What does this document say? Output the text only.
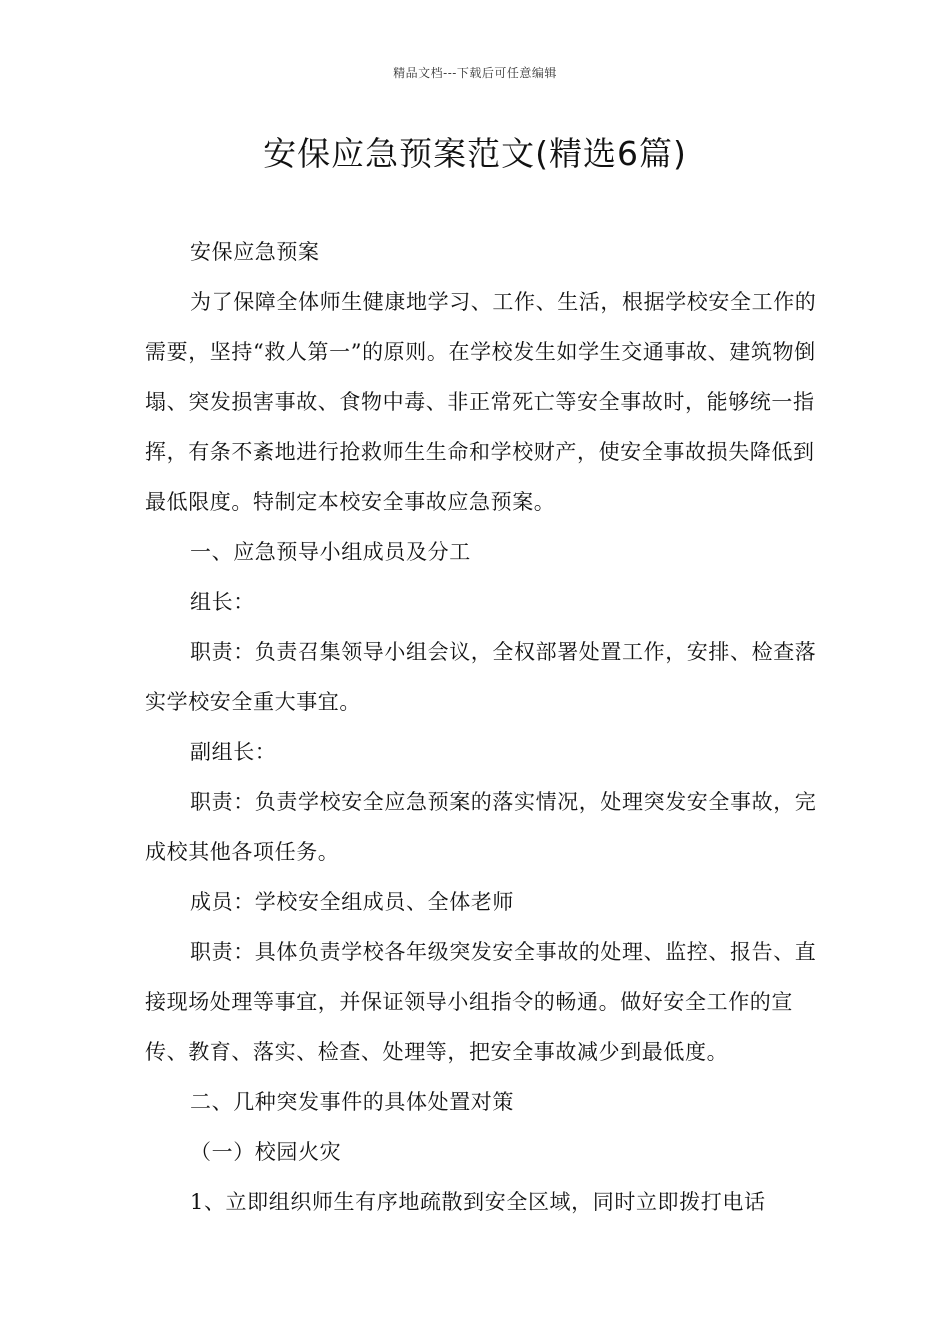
精品文档---下载后可任意编辑
安保应急预案范文(精选6篇)

安保应急预案

为了保障全体师生健康地学习、工作、生活，根据学校安全工作的需要，坚持“救人第一”的原则。在学校发生如学生交通事故、建筑物倒塌、突发损害事故、食物中毒、非正常死亡等安全事故时，能够统一指挥，有条不紊地进行抢救师生生命和学校财产，使安全事故损失降低到最低限度。特制定本校安全事故应急预案。

一、应急预导小组成员及分工

组长：

职责：负责召集领导小组会议，全权部署处置工作，安排、检查落实学校安全重大事宜。

副组长：

职责：负责学校安全应急预案的落实情况，处理突发安全事故，完成校其他各项任务。

成员：学校安全组成员、全体老师

职责：具体负责学校各年级突发安全事故的处理、监控、报告、直接现场处理等事宜，并保证领导小组指令的畅通。做好安全工作的宣传、教育、落实、检查、处理等，把安全事故减少到最低度。

二、几种突发事件的具体处置对策

（一）校园火灾

1、立即组织师生有序地疏散到安全区域，同时立即拨打电话
